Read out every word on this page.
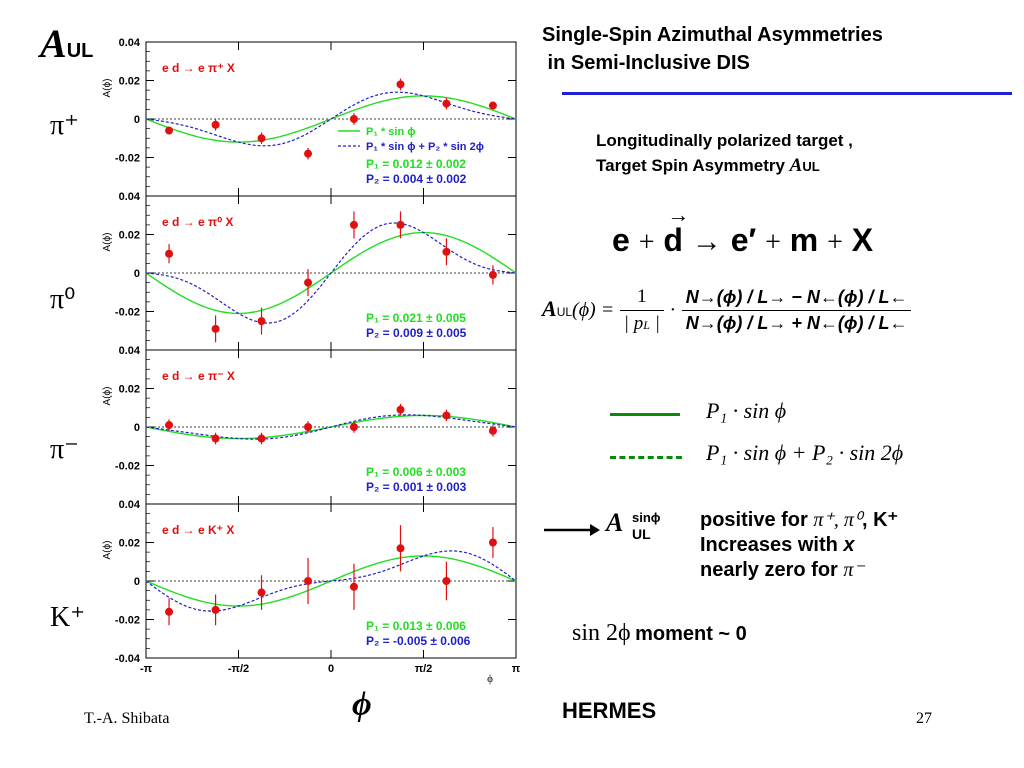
AUL
π⁺
π⁰
π⁻
K⁺
0.04
0.02
0
-0.02
A(ϕ)
e d → e π⁺ X
P₁ * sin ϕ
P₁ * sin ϕ + P₂ * sin 2ϕ
P₁ = 0.012 ± 0.002
P₂ = 0.004 ± 0.002
0.04
0.02
0
-0.02
A(ϕ)
e d → e π⁰ X
P₁ = 0.021 ± 0.005
P₂ = 0.009 ± 0.005
0.04
0.02
0
-0.02
A(ϕ)
e d → e π⁻ X
P₁ = 0.006 ± 0.003
P₂ = 0.001 ± 0.003
0.04
0.02
0
-0.02
-0.04
A(ϕ)
e d → e K⁺ X
P₁ = 0.013 ± 0.006
P₂ = -0.005 ± 0.006
-π	-π/2	0	π/2	π
ϕ
ϕ
Single-Spin Azimuthal Asymmetries
in Semi-Inclusive DIS
Longitudinally polarized target ,
Target Spin Asymmetry AUL
e +
→
d → e′ + m + X
$AUL(\phi) = \frac{1}{| pL |} \cdot \frac{N\to(\phi) / L\to - N\leftarrow(\phi) / L\leftarrow}{N\to(\phi) / L\to + N\leftarrow(\phi) / L\leftarrow}$
P₁ · sin ϕ
P₁ · sin ϕ + P₂ · sin 2ϕ
A sinϕ
UL
positive for π⁺, π⁰, K⁺
Increases with x
nearly zero for π⁻
sin 2ϕ moment ~ 0
T.-A. Shibata	HERMES	27
